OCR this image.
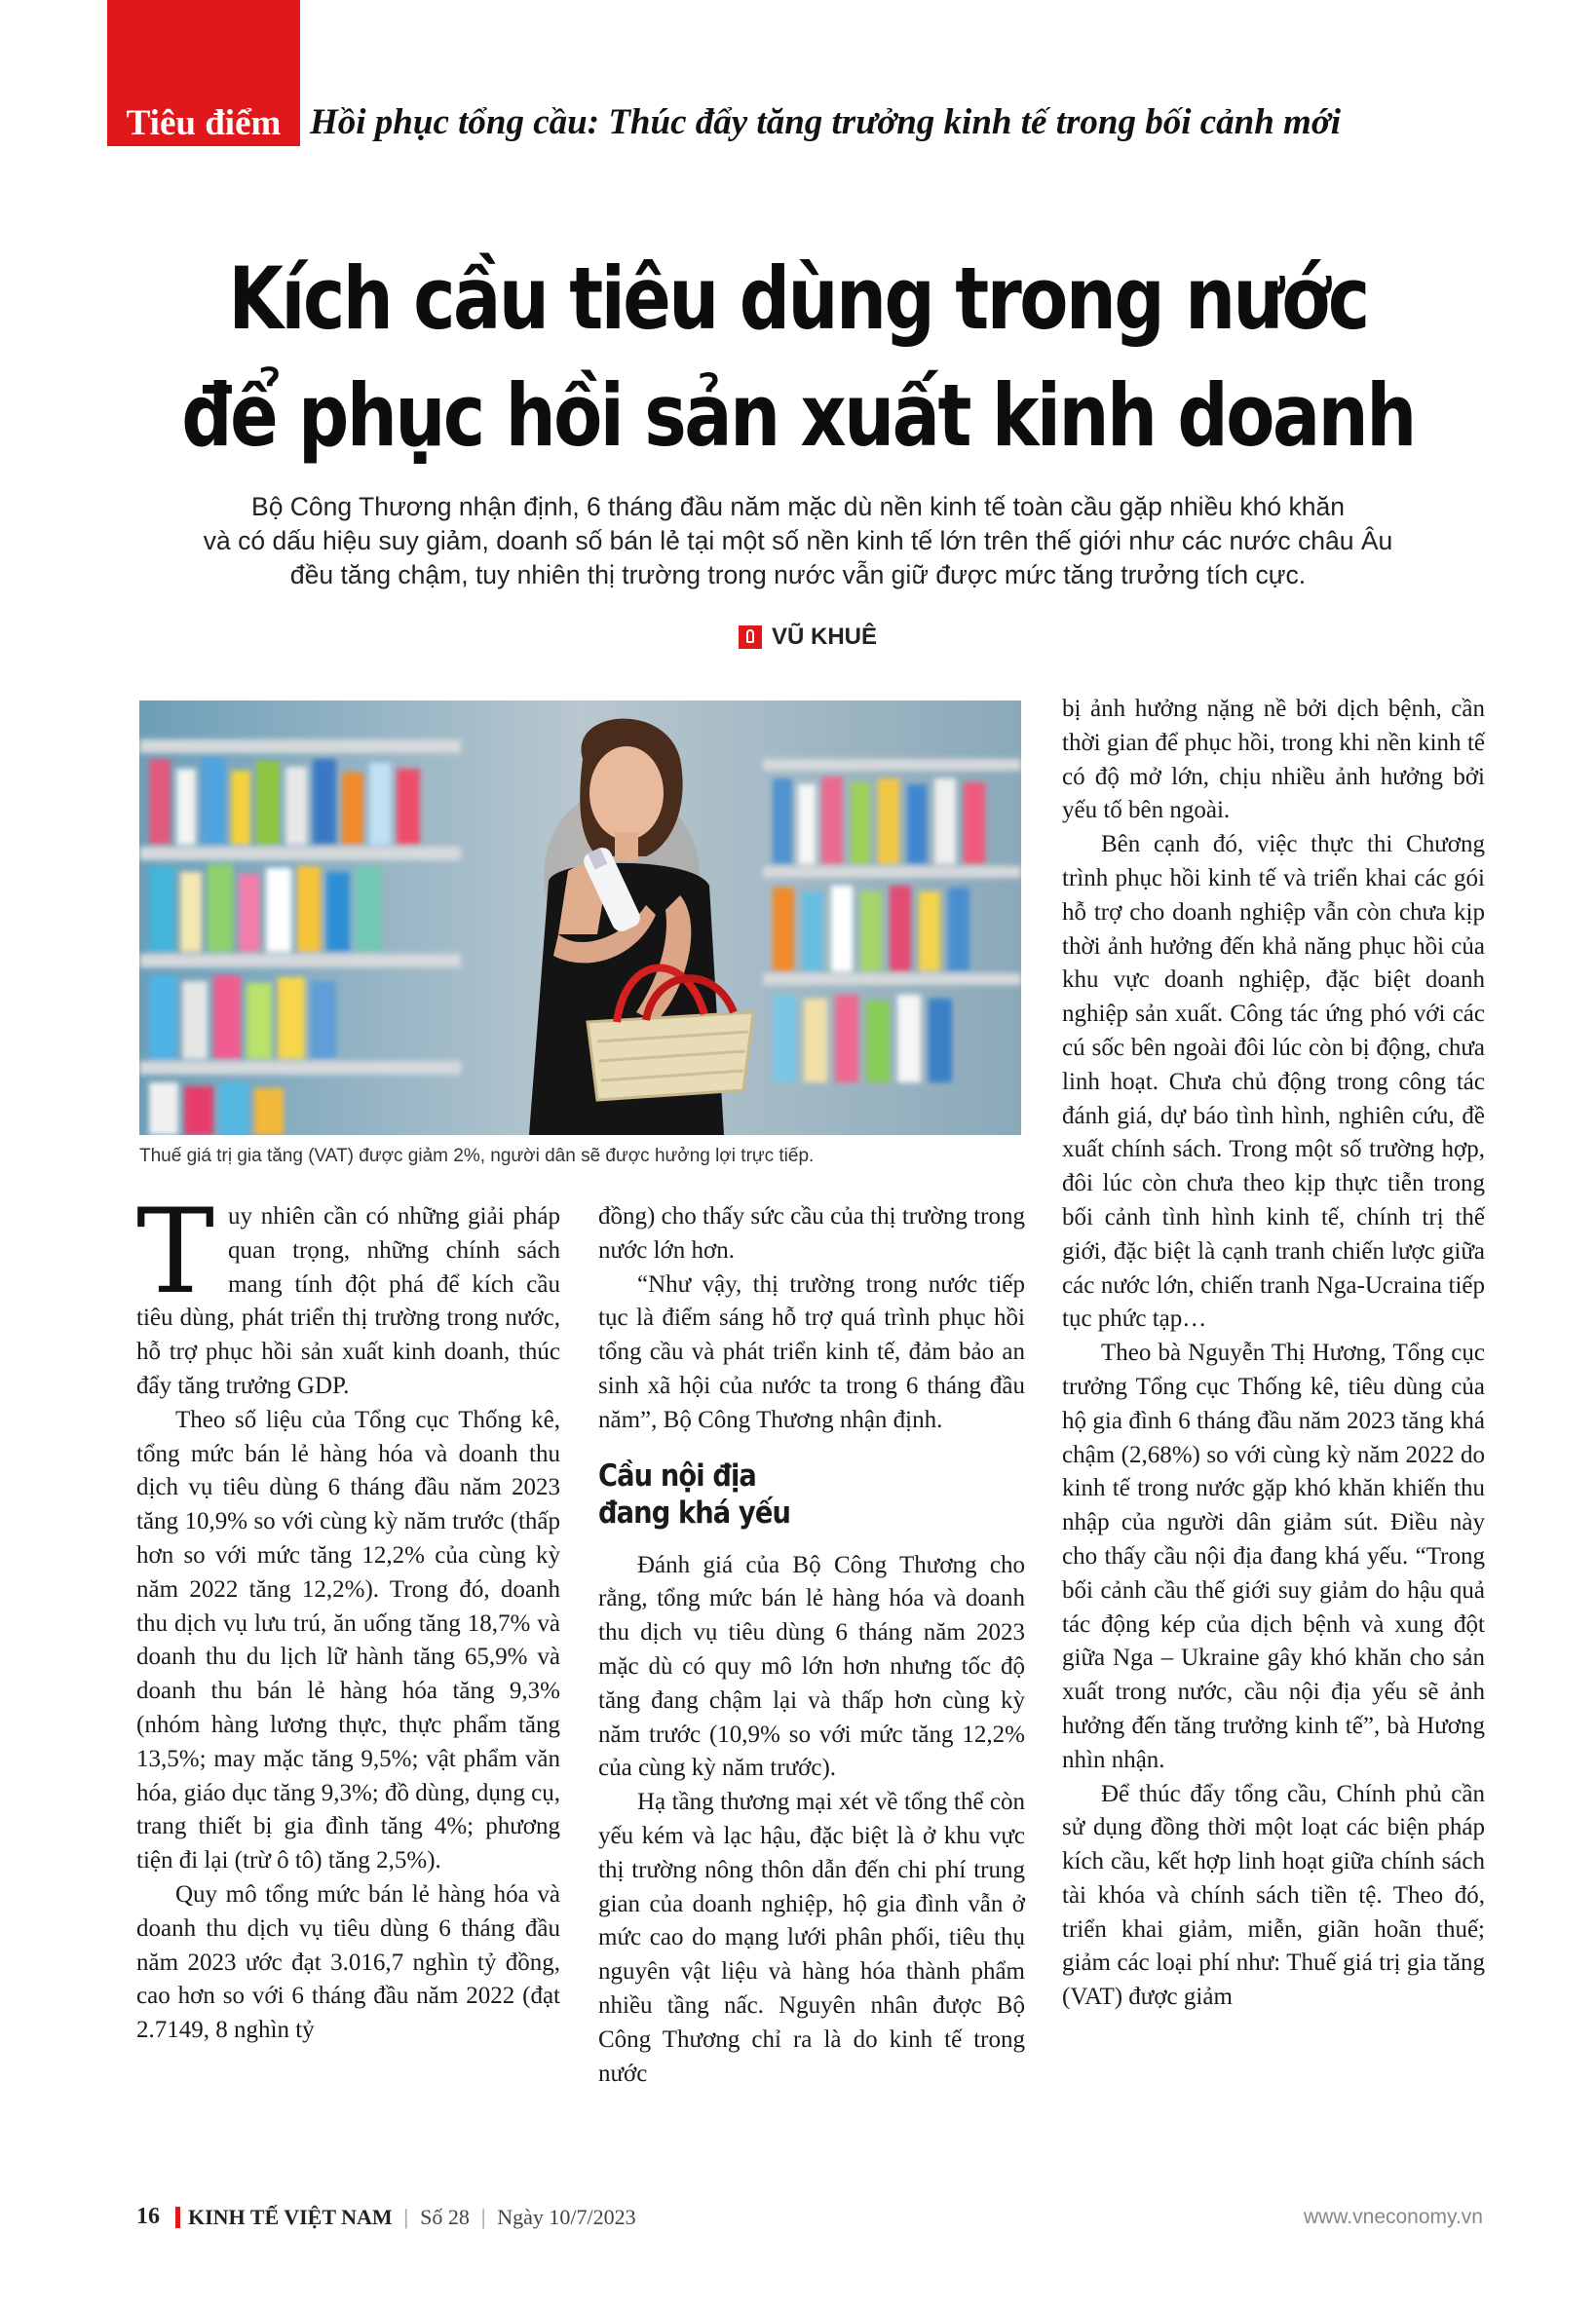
Tiêu điểm Hồi phục tổng cầu: Thúc đẩy tăng trưởng kinh tế trong bối cảnh mới
Kích cầu tiêu dùng trong nước
để phục hồi sản xuất kinh doanh
Bộ Công Thương nhận định, 6 tháng đầu năm mặc dù nền kinh tế toàn cầu gặp nhiều khó khăn
và có dấu hiệu suy giảm, doanh số bán lẻ tại một số nền kinh tế lớn trên thế giới như các nước châu Âu
đều tăng chậm, tuy nhiên thị trường trong nước vẫn giữ được mức tăng trưởng tích cực.
VŨ KHUÊ
Thuế giá trị gia tăng (VAT) được giảm 2%, người dân sẽ được hưởng lợi trực tiếp.

Tuy nhiên cần có những giải pháp quan trọng, những chính sách mang tính đột phá để kích cầu tiêu dùng, phát triển thị trường trong nước, hỗ trợ phục hồi sản xuất kinh doanh, thúc đẩy tăng trưởng GDP.

Theo số liệu của Tổng cục Thống kê, tổng mức bán lẻ hàng hóa và doanh thu dịch vụ tiêu dùng 6 tháng đầu năm 2023 tăng 10,9% so với cùng kỳ năm trước (thấp hơn so với mức tăng 12,2% của cùng kỳ năm 2022 tăng 12,2%). Trong đó, doanh thu dịch vụ lưu trú, ăn uống tăng 18,7% và doanh thu du lịch lữ hành tăng 65,9% và doanh thu bán lẻ hàng hóa tăng 9,3% (nhóm hàng lương thực, thực phẩm tăng 13,5%; may mặc tăng 9,5%; vật phẩm văn hóa, giáo dục tăng 9,3%; đồ dùng, dụng cụ, trang thiết bị gia đình tăng 4%; phương tiện đi lại (trừ ô tô) tăng 2,5%).

Quy mô tổng mức bán lẻ hàng hóa và doanh thu dịch vụ tiêu dùng 6 tháng đầu năm 2023 ước đạt 3.016,7 nghìn tỷ đồng, cao hơn so với 6 tháng đầu năm 2022 (đạt 2.7149, 8 nghìn tỷ

đồng) cho thấy sức cầu của thị trường trong nước lớn hơn.

“Như vậy, thị trường trong nước tiếp tục là điểm sáng hỗ trợ quá trình phục hồi tổng cầu và phát triển kinh tế, đảm bảo an sinh xã hội của nước ta trong 6 tháng đầu năm”, Bộ Công Thương nhận định.

Cầu nội địa
đang khá yếu

Đánh giá của Bộ Công Thương cho rằng, tổng mức bán lẻ hàng hóa và doanh thu dịch vụ tiêu dùng 6 tháng năm 2023 mặc dù có quy mô lớn hơn nhưng tốc độ tăng đang chậm lại và thấp hơn cùng kỳ năm trước (10,9% so với mức tăng 12,2% của cùng kỳ năm trước).

Hạ tầng thương mại xét về tổng thể còn yếu kém và lạc hậu, đặc biệt là ở khu vực thị trường nông thôn dẫn đến chi phí trung gian của doanh nghiệp, hộ gia đình vẫn ở mức cao do mạng lưới phân phối, tiêu thụ nguyên vật liệu và hàng hóa thành phẩm nhiều tầng nấc. Nguyên nhân được Bộ Công Thương chỉ ra là do kinh tế trong nước

bị ảnh hưởng nặng nề bởi dịch bệnh, cần thời gian để phục hồi, trong khi nền kinh tế có độ mở lớn, chịu nhiều ảnh hưởng bởi yếu tố bên ngoài.

Bên cạnh đó, việc thực thi Chương trình phục hồi kinh tế và triển khai các gói hỗ trợ cho doanh nghiệp vẫn còn chưa kịp thời ảnh hưởng đến khả năng phục hồi của khu vực doanh nghiệp, đặc biệt doanh nghiệp sản xuất. Công tác ứng phó với các cú sốc bên ngoài đôi lúc còn bị động, chưa linh hoạt. Chưa chủ động trong công tác đánh giá, dự báo tình hình, nghiên cứu, đề xuất chính sách. Trong một số trường hợp, đôi lúc còn chưa theo kịp thực tiễn trong bối cảnh tình hình kinh tế, chính trị thế giới, đặc biệt là cạnh tranh chiến lược giữa các nước lớn, chiến tranh Nga-Ucraina tiếp tục phức tạp…

Theo bà Nguyễn Thị Hương, Tổng cục trưởng Tổng cục Thống kê, tiêu dùng của hộ gia đình 6 tháng đầu năm 2023 tăng khá chậm (2,68%) so với cùng kỳ năm 2022 do kinh tế trong nước gặp khó khăn khiến thu nhập của người dân giảm sút. Điều này cho thấy cầu nội địa đang khá yếu. “Trong bối cảnh cầu thế giới suy giảm do hậu quả tác động kép của dịch bệnh và xung đột giữa Nga – Ukraine gây khó khăn cho sản xuất trong nước, cầu nội địa yếu sẽ ảnh hưởng đến tăng trưởng kinh tế”, bà Hương nhìn nhận.

Để thúc đẩy tổng cầu, Chính phủ cần sử dụng đồng thời một loạt các biện pháp kích cầu, kết hợp linh hoạt giữa chính sách tài khóa và chính sách tiền tệ. Theo đó, triển khai giảm, miễn, giãn hoãn thuế; giảm các loại phí như: Thuế giá trị gia tăng (VAT) được giảm

16 KINH TẾ VIỆT NAM | Số 28 | Ngày 10/7/2023	www.vneconomy.vn
